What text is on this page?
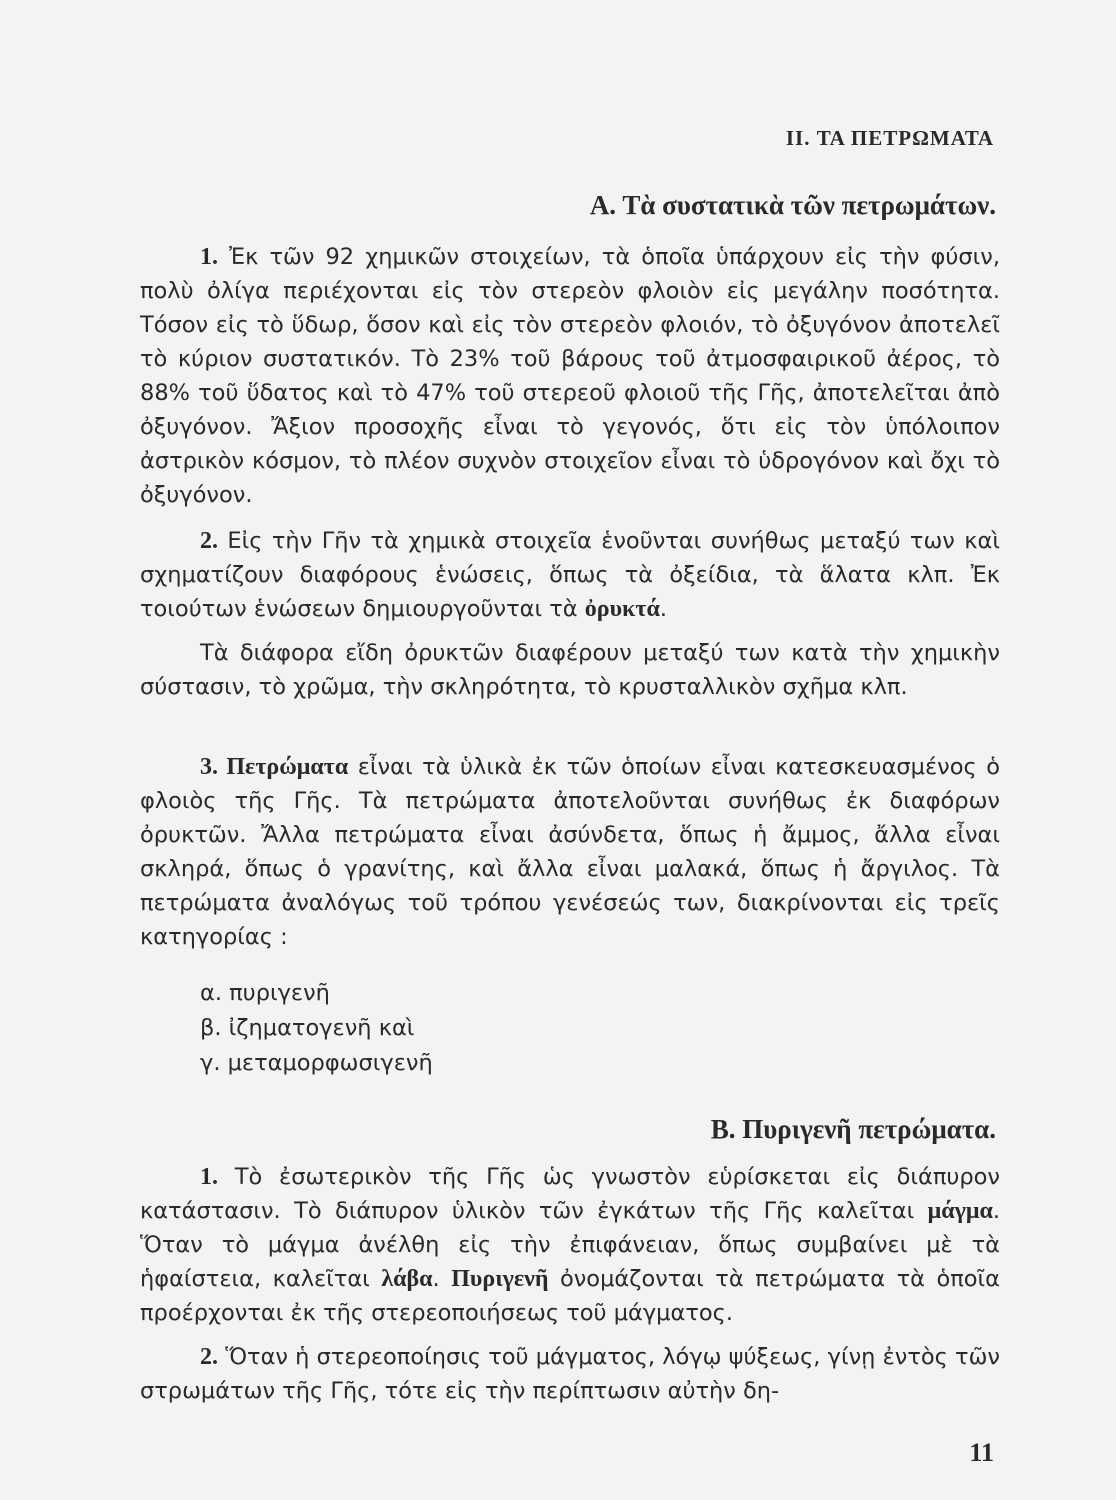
II. ΤΑ ΠΕΤΡΩΜΑΤΑ
Α. Τὰ συστατικὰ τῶν πετρωμάτων.

1. Ἐκ τῶν 92 χημικῶν στοιχείων, τὰ ὁποῖα ὑπάρχουν εἰς τὴν φύσιν, πολὺ ὀλίγα περιέχονται εἰς τὸν στερεὸν φλοιὸν εἰς μεγάλην ποσότητα. Τόσον εἰς τὸ ὕδωρ, ὅσον καὶ εἰς τὸν στερεὸν φλοιόν, τὸ ὀξυγόνον ἀποτελεῖ τὸ κύριον συστατικόν. Τὸ 23% τοῦ βάρους τοῦ ἀτμοσφαιρικοῦ ἀέρος, τὸ 88% τοῦ ὕδατος καὶ τὸ 47% τοῦ στερεοῦ φλοιοῦ τῆς Γῆς, ἀποτελεῖται ἀπὸ ὀξυγόνον. Ἄξιον προσοχῆς εἶναι τὸ γεγονός, ὅτι εἰς τὸν ὑπόλοιπον ἀστρικὸν κόσμον, τὸ πλέον συχνὸν στοιχεῖον εἶναι τὸ ὑδρογόνον καὶ ὄχι τὸ ὀξυγόνον.

2. Εἰς τὴν Γῆν τὰ χημικὰ στοιχεῖα ἑνοῦνται συνήθως μεταξύ των καὶ σχηματίζουν διαφόρους ἑνώσεις, ὅπως τὰ ὀξείδια, τὰ ἅλατα κλπ. Ἐκ τοιούτων ἑνώσεων δημιουργοῦνται τὰ ὀρυκτά.

Τὰ διάφορα εἴδη ὀρυκτῶν διαφέρουν μεταξύ των κατὰ τὴν χημικὴν σύστασιν, τὸ χρῶμα, τὴν σκληρότητα, τὸ κρυσταλλικὸν σχῆμα κλπ.

3. Πετρώματα εἶναι τὰ ὑλικὰ ἐκ τῶν ὁποίων εἶναι κατεσκευασμένος ὁ φλοιὸς τῆς Γῆς. Τὰ πετρώματα ἀποτελοῦνται συνήθως ἐκ διαφόρων ὀρυκτῶν. Ἄλλα πετρώματα εἶναι ἀσύνδετα, ὅπως ἡ ἄμμος, ἄλλα εἶναι σκληρά, ὅπως ὁ γρανίτης, καὶ ἄλλα εἶναι μαλακά, ὅπως ἡ ἄργιλος. Τὰ πετρώματα ἀναλόγως τοῦ τρόπου γενέσεώς των, διακρίνονται εἰς τρεῖς κατηγορίας :

α. πυριγενῆ
β. ἰζηματογενῆ καὶ
γ. μεταμορφωσιγενῆ
Β. Πυριγενῆ πετρώματα.

1. Τὸ ἐσωτερικὸν τῆς Γῆς ὡς γνωστὸν εὑρίσκεται εἰς διάπυρον κατάστασιν. Τὸ διάπυρον ὑλικὸν τῶν ἐγκάτων τῆς Γῆς καλεῖται μάγμα. Ὅταν τὸ μάγμα ἀνέλθη εἰς τὴν ἐπιφάνειαν, ὅπως συμβαίνει μὲ τὰ ἡφαίστεια, καλεῖται λάβα. Πυριγενῆ ὀνομάζονται τὰ πετρώματα τὰ ὁποῖα προέρχονται ἐκ τῆς στερεοποιήσεως τοῦ μάγματος.

2. Ὅταν ἡ στερεοποίησις τοῦ μάγματος, λόγῳ ψύξεως, γίνῃ ἐντὸς τῶν στρωμάτων τῆς Γῆς, τότε εἰς τὴν περίπτωσιν αὐτὴν δη-

11
